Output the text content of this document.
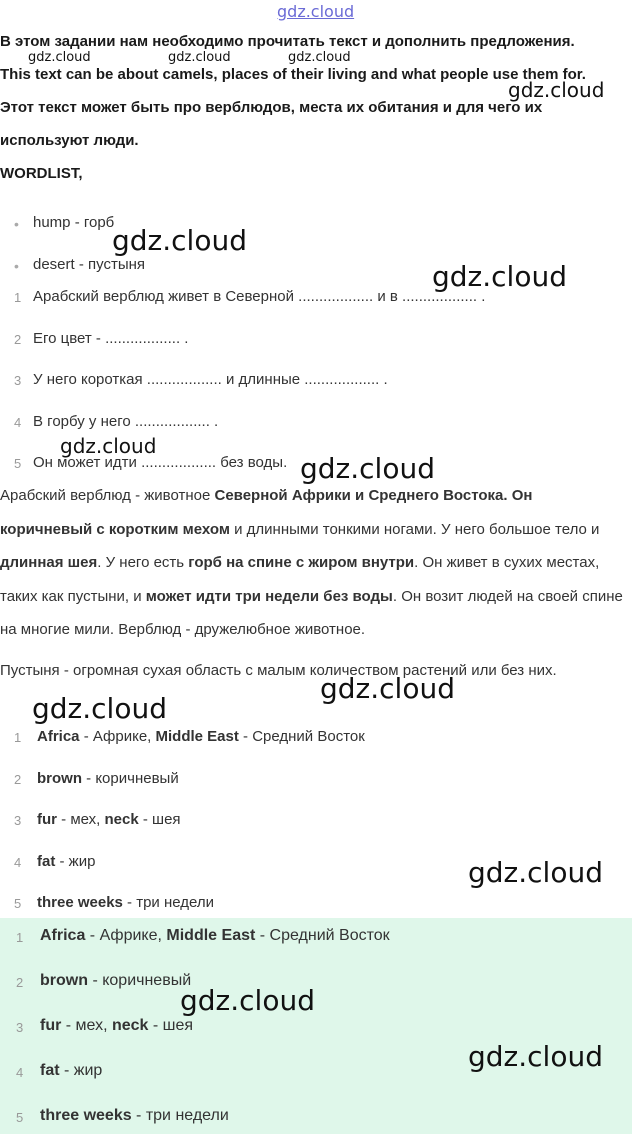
gdz.cloud
В этом задании нам необходимо прочитать текст и дополнить предложения.
This text can be about camels, places of their living and what people use them for.
Этот текст может быть про верблюдов, места их обитания и для чего их
используют люди.
WORDLIST,
gdz.cloud	gdz.cloud	gdz.cloud
gdz.cloud
• hump - горб
• desert - пустыня
1 Арабский верблюд живет в Северной .................. и в .................. .
2 Его цвет - .................. .
3 У него короткая .................. и длинные .................. .
4 В горбу у него .................. .
5 Он может идти .................. без воды.
gdz.cloud
gdz.cloud
gdz.cloud
gdz.cloud
Арабский верблюд - животное Северной Африки и Среднего Востока. Он коричневый с коротким мехом и длинными тонкими ногами. У него большое тело и длинная шея. У него есть горб на спине с жиром внутри. Он живет в сухих местах, таких как пустыни, и может идти три недели без воды. Он возит людей на своей спине на многие мили. Верблюд - дружелюбное животное.
Пустыня - огромная сухая область с малым количеством растений или без них.
gdz.cloud
gdz.cloud
1 Africa - Африке, Middle East - Средний Восток
2 brown - коричневый
3 fur - мех, neck - шея
4 fat - жир
5 three weeks - три недели
1 Africa - Африке, Middle East - Средний Восток
2 brown - коричневый
3 fur - мех, neck - шея
4 fat - жир
5 three weeks - три недели
gdz.cloud
gdz.cloud
gdz.cloud
